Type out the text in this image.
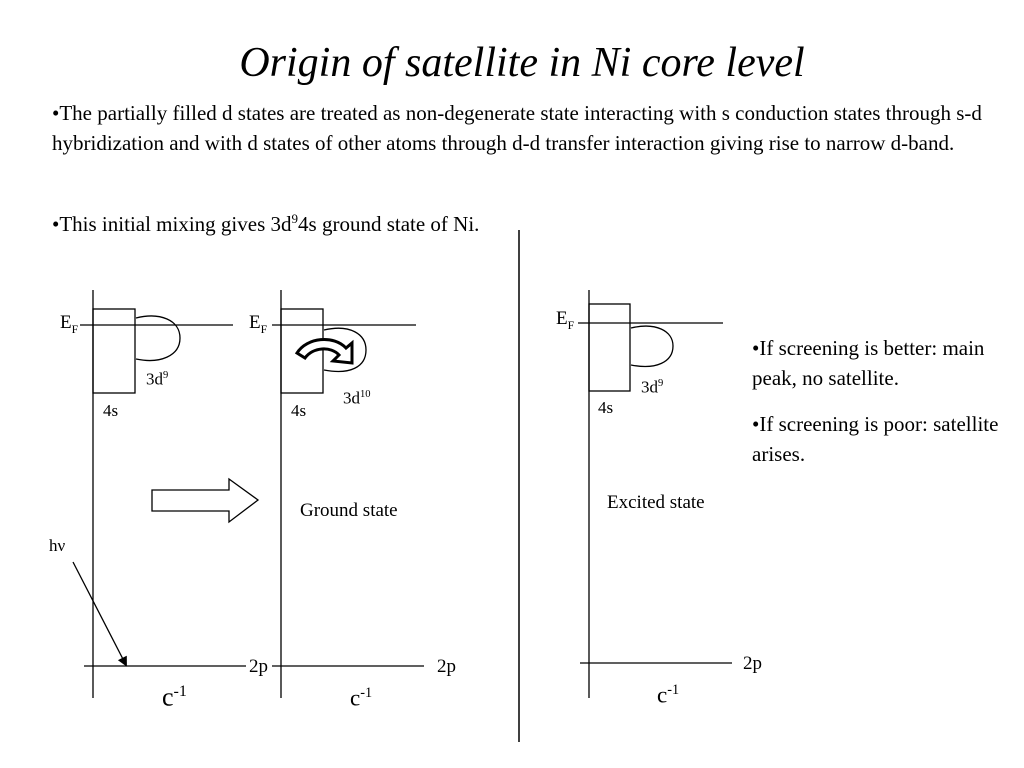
Origin of satellite in Ni core level
•The partially filled d states are treated as non-degenerate state interacting with s conduction states through s-d hybridization and with d states of other atoms through d-d transfer interaction giving rise to narrow d-band.
•This initial mixing gives $3d^94s$ ground state of Ni.
•If screening is better: main peak, no satellite.
•If screening is poor: satellite arises.
$E_F$
$3d^9$
4s
hν
2p
$c^{-1}$
$E_F$
$3d^{10}$
4s
Ground state
2p
$c^{-1}$
$E_F$
$3d^9$
4s
Excited state
2p
$c^{-1}$
